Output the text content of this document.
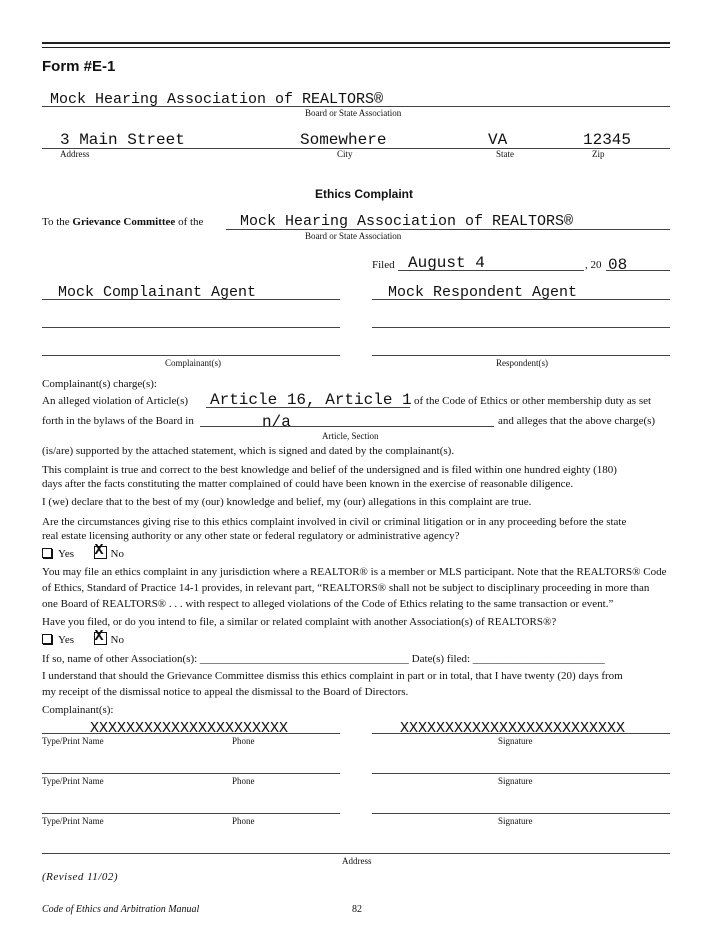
Form #E-1
Mock Hearing Association of REALTORS®
Board or State Association
3 Main Street	Somewhere	VA	12345
Address	City	State	Zip
Ethics Complaint
To the Grievance Committee of the Mock Hearing Association of REALTORS®
Board or State Association
Filed August 4	, 20 08
Mock Complainant Agent	Mock Respondent Agent
Complainant(s)	Respondent(s)
Complainant(s) charge(s):
An alleged violation of Article(s) Article 16, Article 1 of the Code of Ethics or other membership duty as set
forth in the bylaws of the Board in	n/a	and alleges that the above charge(s)
Article, Section
(is/are) supported by the attached statement, which is signed and dated by the complainant(s).
This complaint is true and correct to the best knowledge and belief of the undersigned and is filed within one hundred eighty (180)
days after the facts constituting the matter complained of could have been known in the exercise of reasonable diligence.
I (we) declare that to the best of my (our) knowledge and belief, my (our) allegations in this complaint are true.
Are the circumstances giving rise to this ethics complaint involved in civil or criminal litigation or in any proceeding before the state
real estate licensing authority or any other state or federal regulatory or administrative agency?
Yes X No
You may file an ethics complaint in any jurisdiction where a REALTOR® is a member or MLS participant. Note that the REALTORS® Code
of Ethics, Standard of Practice 14-1 provides, in relevant part, “REALTORS® shall not be subject to disciplinary proceeding in more than
one Board of REALTORS® . . . with respect to alleged violations of the Code of Ethics relating to the same transaction or event.”
Have you filed, or do you intend to file, a similar or related complaint with another Association(s) of REALTORS®?
Yes X No
If so, name of other Association(s): ______________________________________ Date(s) filed: ________________________
I understand that should the Grievance Committee dismiss this ethics complaint in part or in total, that I have twenty (20) days from
my receipt of the dismissal notice to appeal the dismissal to the Board of Directors.
Complainant(s):
XXXXXXXXXXXXXXXXXXXXXX	XXXXXXXXXXXXXXXXXXXXXXXXX
Type/Print Name	Phone	Signature
Type/Print Name	Phone	Signature
Type/Print Name	Phone	Signature
Address
(Revised 11/02)
Code of Ethics and Arbitration Manual	82
